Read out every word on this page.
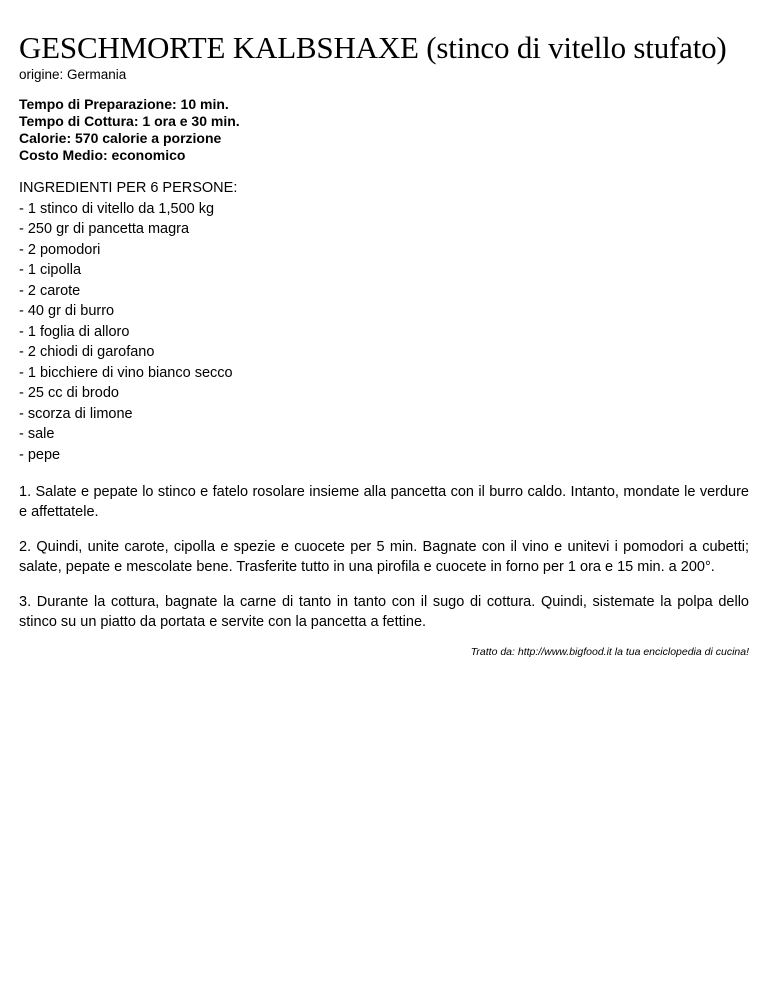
GESCHMORTE KALBSHAXE (stinco di vitello stufato)
origine: Germania
Tempo di Preparazione: 10 min.
Tempo di Cottura: 1 ora e 30 min.
Calorie: 570 calorie a porzione
Costo Medio: economico
INGREDIENTI PER 6 PERSONE:
- 1 stinco di vitello da 1,500 kg
- 250 gr di pancetta magra
- 2 pomodori
- 1 cipolla
- 2 carote
- 40 gr di burro
- 1 foglia di alloro
- 2 chiodi di garofano
- 1 bicchiere di vino bianco secco
- 25 cc di brodo
- scorza di limone
- sale
- pepe

1. Salate e pepate lo stinco e fatelo rosolare insieme alla pancetta con il burro caldo. Intanto, mondate le verdure e affettatele.

2. Quindi, unite carote, cipolla e spezie e cuocete per 5 min. Bagnate con il vino e unitevi i pomodori a cubetti; salate, pepate e mescolate bene. Trasferite tutto in una pirofila e cuocete in forno per 1 ora e 15 min. a 200°.

3. Durante la cottura, bagnate la carne di tanto in tanto con il sugo di cottura. Quindi, sistemate la polpa dello stinco su un piatto da portata e servite con la pancetta a fettine.

Tratto da: http://www.bigfood.it la tua enciclopedia di cucina!
